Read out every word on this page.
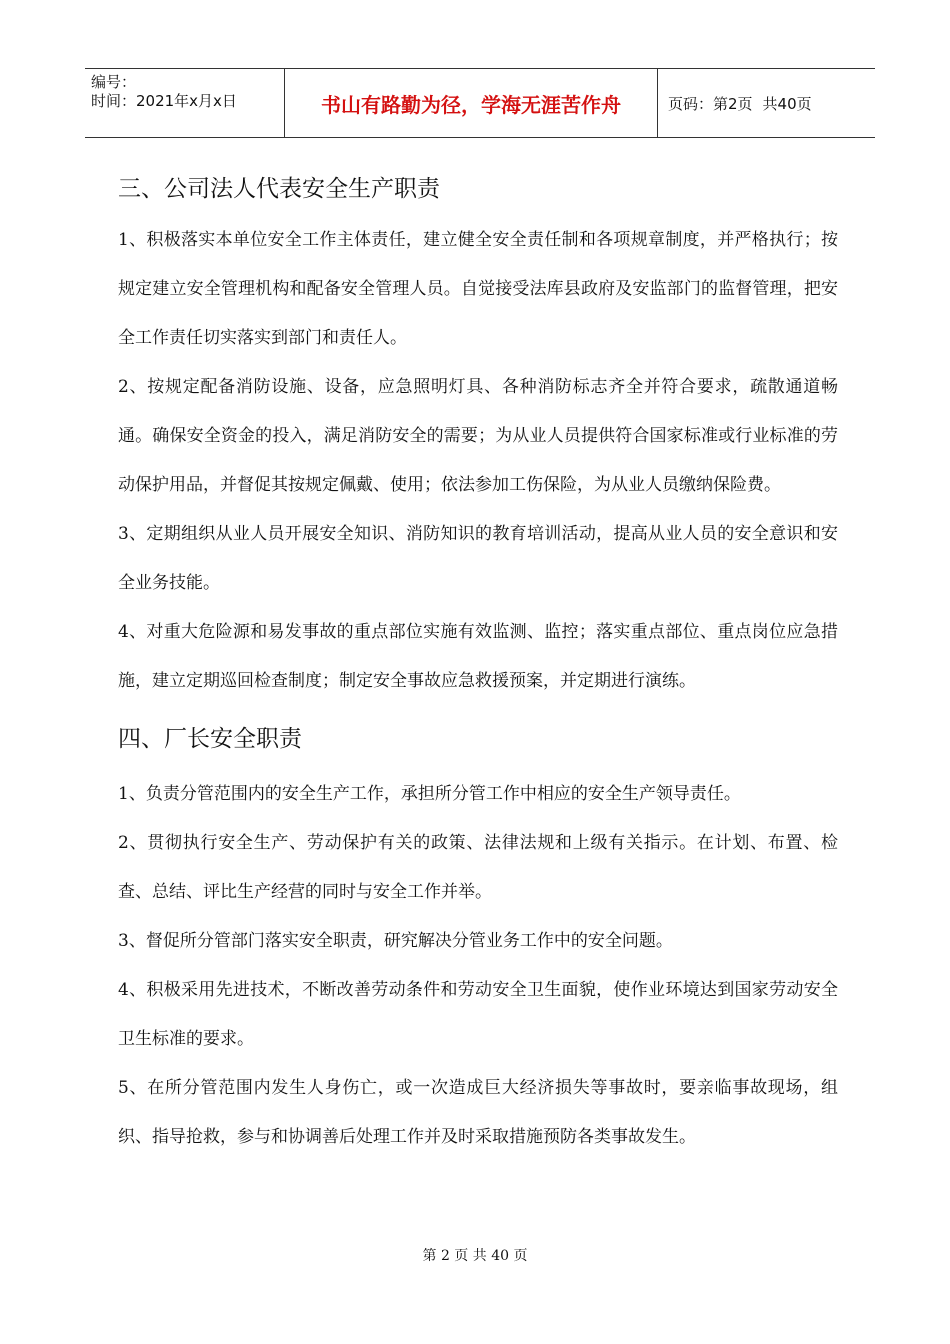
编号：
时间：2021年x月x日	书山有路勤为径，学海无涯苦作舟	页码：第2页 共40页
三、公司法人代表安全生产职责

1、积极落实本单位安全工作主体责任，建立健全安全责任制和各项规章制度，并严格执行；按规定建立安全管理机构和配备安全管理人员。自觉接受法库县政府及安监部门的监督管理，把安全工作责任切实落实到部门和责任人。

2、按规定配备消防设施、设备，应急照明灯具、各种消防标志齐全并符合要求，疏散通道畅通。确保安全资金的投入，满足消防安全的需要；为从业人员提供符合国家标准或行业标准的劳动保护用品，并督促其按规定佩戴、使用；依法参加工伤保险，为从业人员缴纳保险费。

3、定期组织从业人员开展安全知识、消防知识的教育培训活动，提高从业人员的安全意识和安全业务技能。

4、对重大危险源和易发事故的重点部位实施有效监测、监控；落实重点部位、重点岗位应急措施，建立定期巡回检查制度；制定安全事故应急救援预案，并定期进行演练。

四、厂长安全职责

1、负责分管范围内的安全生产工作，承担所分管工作中相应的安全生产领导责任。

2、贯彻执行安全生产、劳动保护有关的政策、法律法规和上级有关指示。在计划、布置、检查、总结、评比生产经营的同时与安全工作并举。

3、督促所分管部门落实安全职责，研究解决分管业务工作中的安全问题。

4、积极采用先进技术，不断改善劳动条件和劳动安全卫生面貌，使作业环境达到国家劳动安全卫生标准的要求。

5、在所分管范围内发生人身伤亡，或一次造成巨大经济损失等事故时，要亲临事故现场，组织、指导抢救，参与和协调善后处理工作并及时采取措施预防各类事故发生。

第 2 页 共 40 页
